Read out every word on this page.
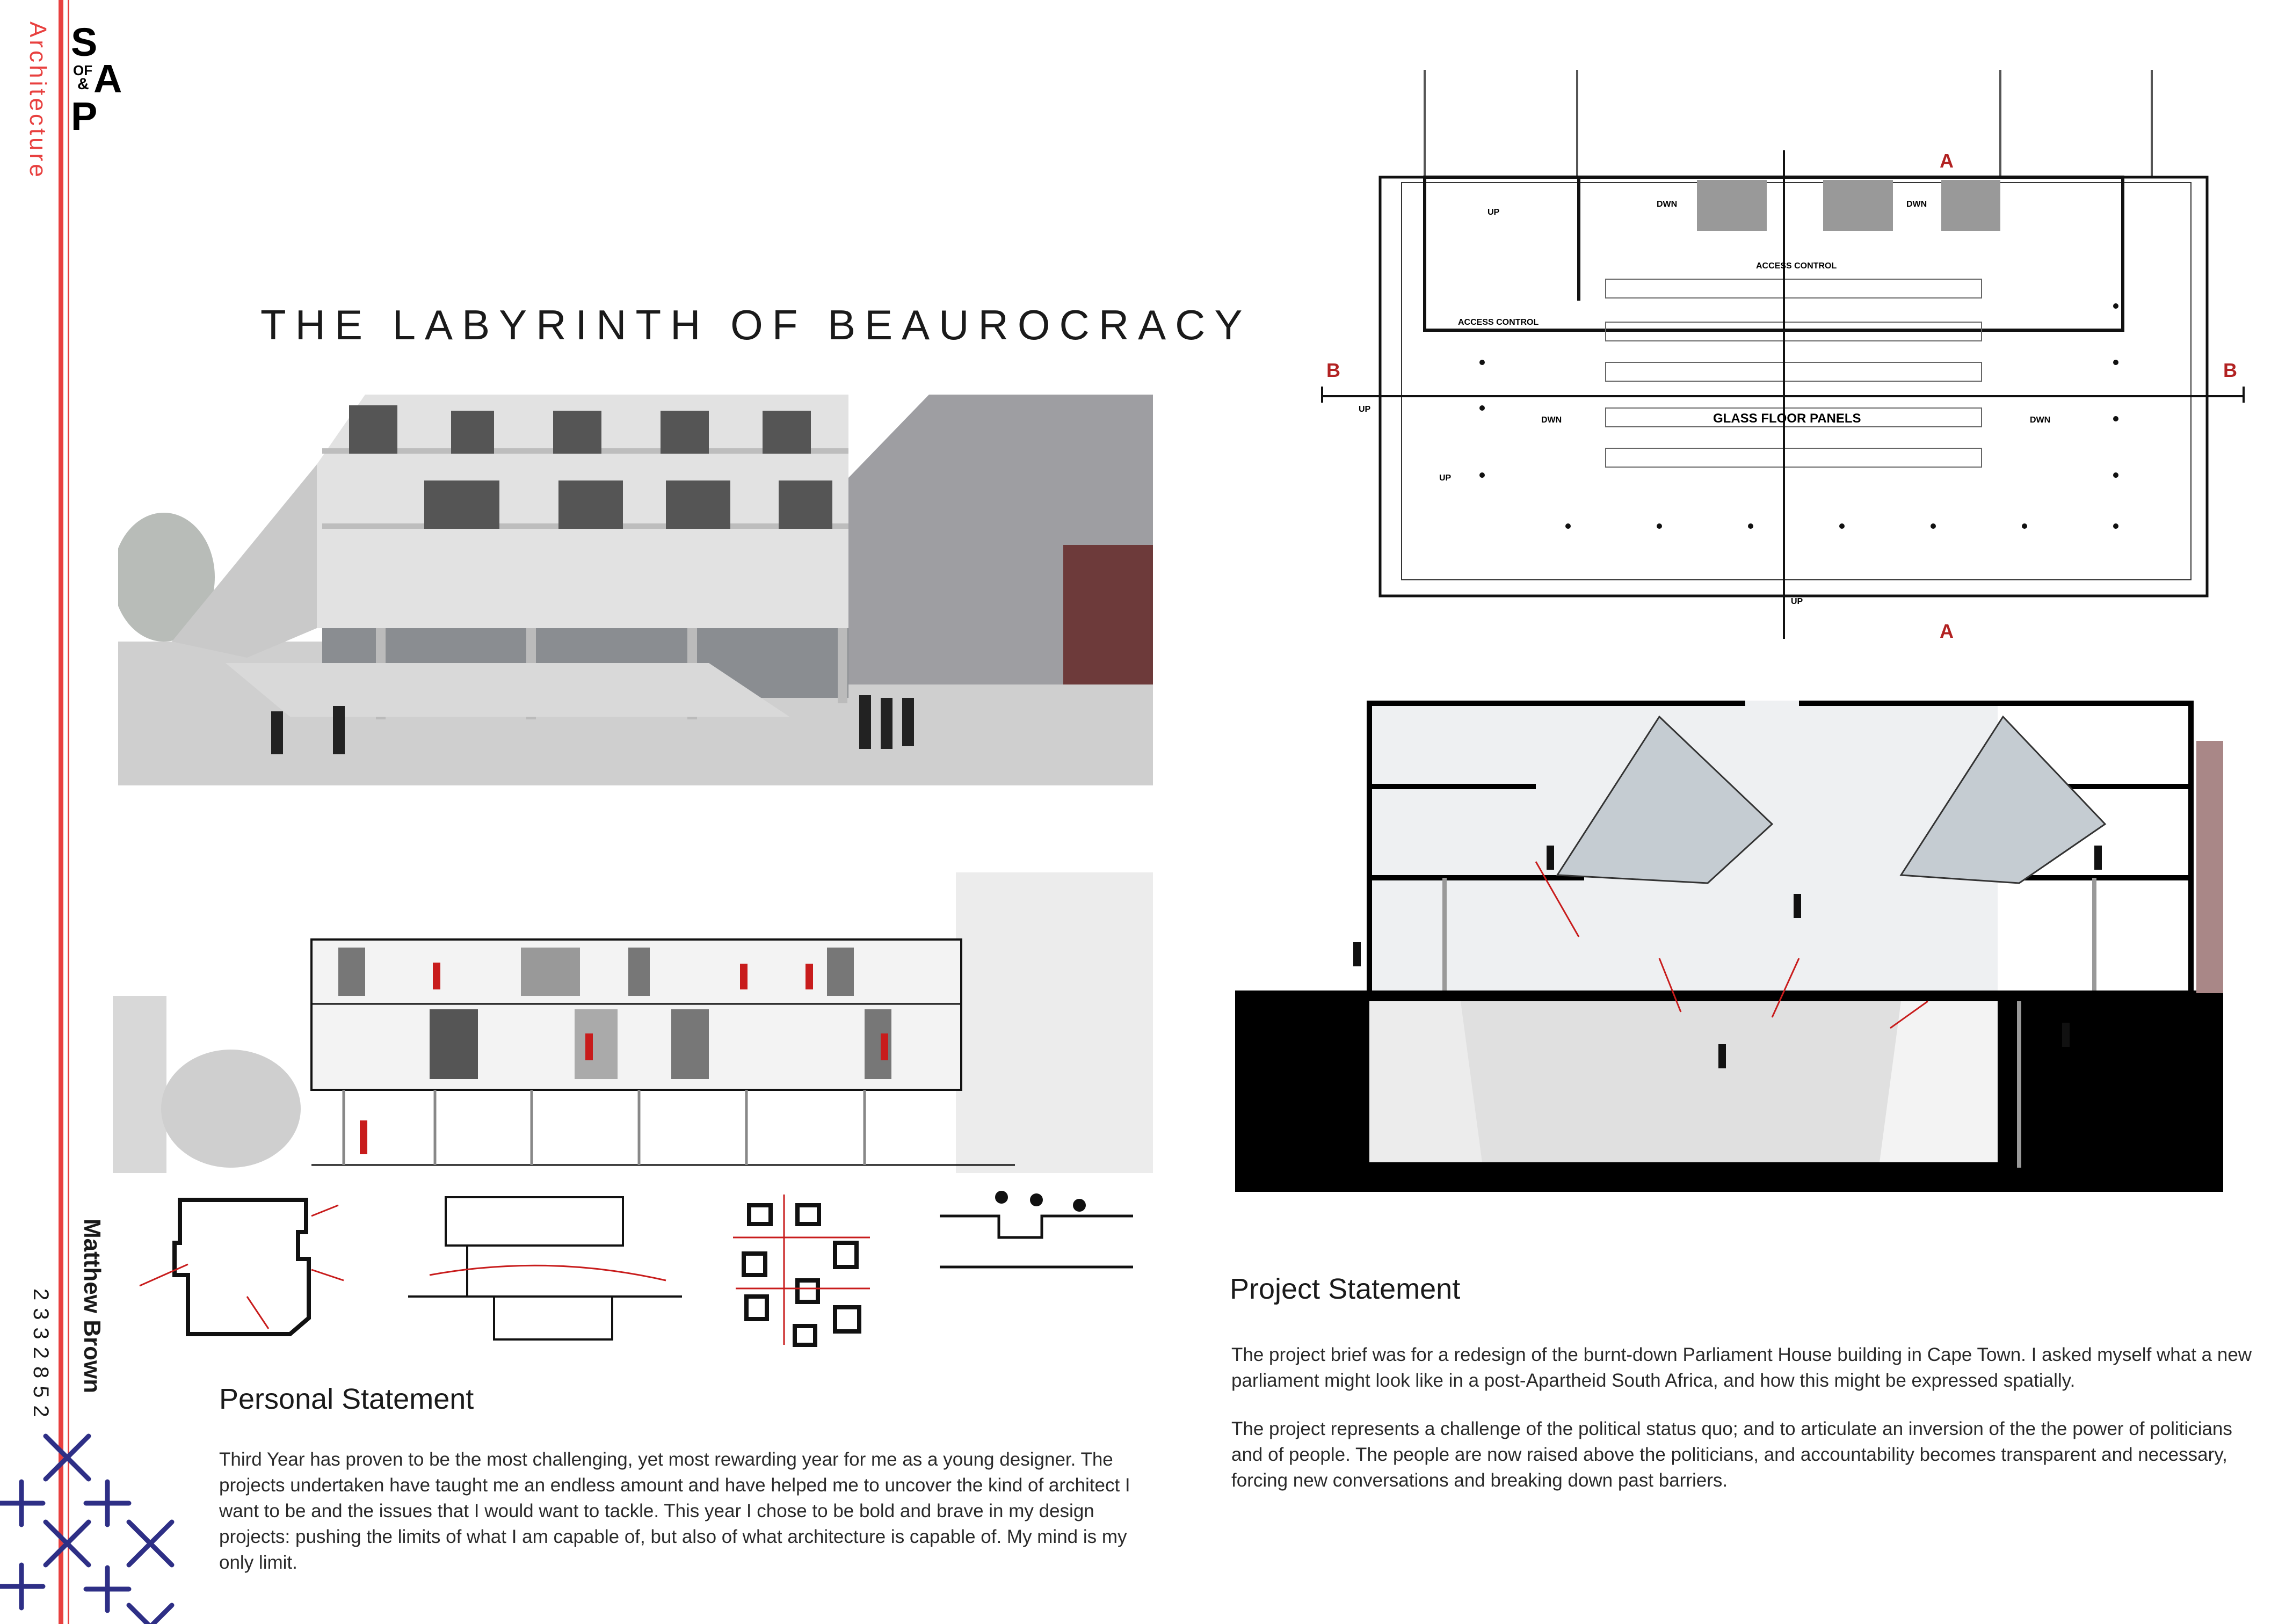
S
A
OF
&
P
Architecture
Matthew Brown
2332852
THE LABYRINTH OF BEAUROCRACY
Personal Statement

Third Year has proven to be the most challenging, yet most rewarding year for me as a young designer. The projects undertaken have taught me an endless amount and have helped me to uncover the kind of architect I want to be and the issues that I would want to tackle. This year I chose to be bold and brave in my design projects: pushing the limits of what I am capable of, but also of what architecture is capable of. My mind is my only limit.

A
A
B	B
UP
DWN	DWN
ACCESS CONTROL
ACCESS CONTROL
GLASS FLOOR PANELS
UP
DWN	DWN
UP
UP
Project Statement

The project brief was for a redesign of the burnt-down Parliament House building in Cape Town. I asked myself what a new parliament might look like in a post-Apartheid South Africa, and how this might be expressed spatially.

The project represents a challenge of the political status quo; and to articulate an inversion of the the power of politicians and of people. The people are now raised above the politicians, and accountability becomes transparent and necessary, forcing new conversations and breaking down past barriers.
